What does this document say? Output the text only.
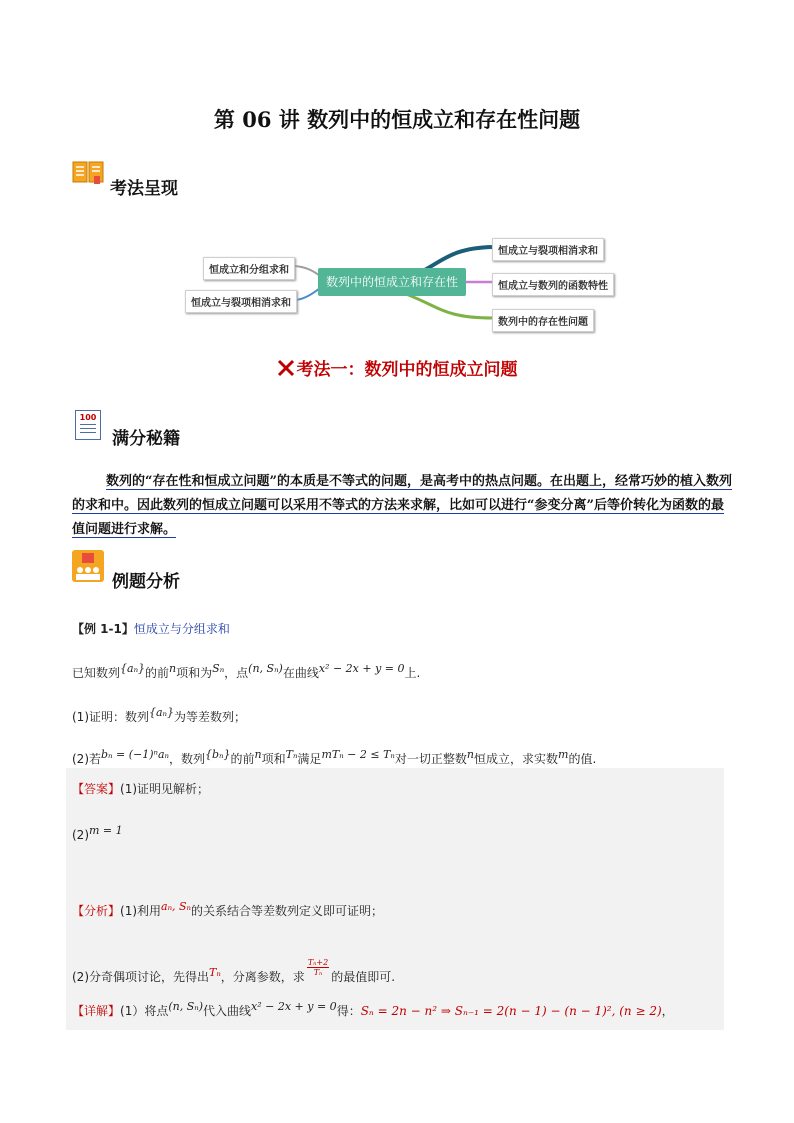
第 06 讲 数列中的恒成立和存在性问题
考法呈现
数列中的恒成立和存在性
恒成立和分组求和
恒成立与裂项相消求和
恒成立与裂项相消求和
恒成立与数列的函数特性
数列中的存在性问题
考法一：数列中的恒成立问题
100
满分秘籍
数列的“存在性和恒成立问题”的本质是不等式的问题，是高考中的热点问题。在出题上，经常巧妙的植入数列的求和中。因此数列的恒成立问题可以采用不等式的方法来求解，比如可以进行“参变分离”后等价转化为函数的最值问题进行求解。
例题分析
【例 1-1】恒成立与分组求和
已知数列$^{\{a_n\}}$的前$^n$项和为$^{S_n}$，点$^{(n, S_n)}$在曲线$^{x^2 - 2x + y = 0}$上.
(1)证明：数列$^{\{a_n\}}$为等差数列；
(2)若$^{b_n = (-1)^na_n}$，数列$^{\{b_n\}}$的前$^n$项和$^{T_n}$满足$^{mT_n - 2 \le T_n}$对一切正整数$^n$恒成立，求实数$^m$的值.
【答案】(1)证明见解析；
$(2)^{m = 1}$
【分析】(1)利用$^{a_n, S_n}$的关系结合等差数列定义即可证明；
(2)分奇偶项讨论，先得出$^{T_n}$，分离参数，求 $\frac{\text{Tₙ+2}}{\text{Tₙ}}$ 的最值即可.
【详解】(1）将点$^{(n, S_n)}$代入曲线$^{x^2 - 2x + y = 0}$得：Sₙ = 2n − n² ⇒ Sₙ₋₁ = 2(n − 1) − (n − 1)², (n ≥ 2)，
